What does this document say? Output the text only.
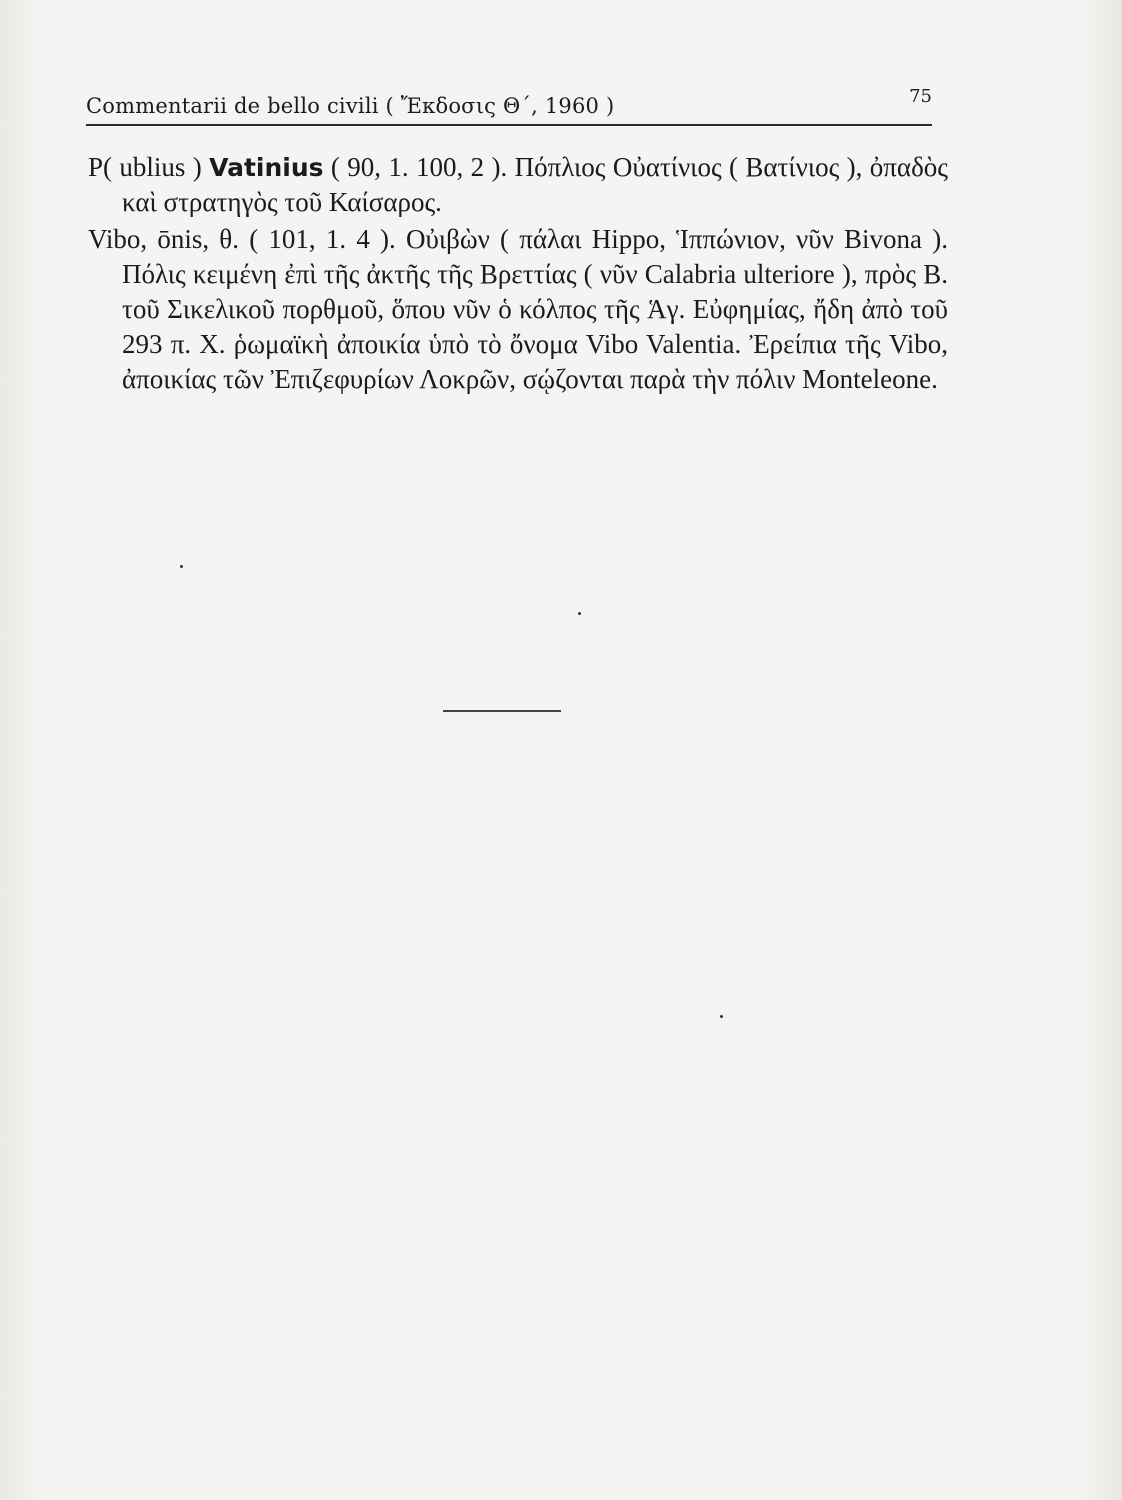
Commentarii de bello civili ( Ἔκδοσις Θ΄, 1960 )	75

P( ublius ) Vatinius ( 90, 1. 100, 2 ). Πόπλιος Οὐατίνιος ( Βατίνιος ), ὀπαδὸς καὶ στρατηγὸς τοῦ Καίσαρος.

Vibo, ōnis, θ. ( 101, 1. 4 ). Οὐιβὼν ( πάλαι Hippo, Ἱππώνιον, νῦν Bivona ). Πόλις κειμένη ἐπὶ τῆς ἀκτῆς τῆς Βρεττίας ( νῦν Calabria ulteriore ), πρὸς Β. τοῦ Σικελικοῦ πορθμοῦ, ὅπου νῦν ὁ κόλπος τῆς Ἁγ. Εὐφημίας, ἤδη ἀπὸ τοῦ 293 π. Χ. ῥωμαϊκὴ ἀποικία ὑπὸ τὸ ὄνομα Vibo Valentia. Ἐρείπια τῆς Vibo, ἀποικίας τῶν Ἐπιζεφυρίων Λοκρῶν, σῴζονται παρὰ τὴν πόλιν Monteleone.
